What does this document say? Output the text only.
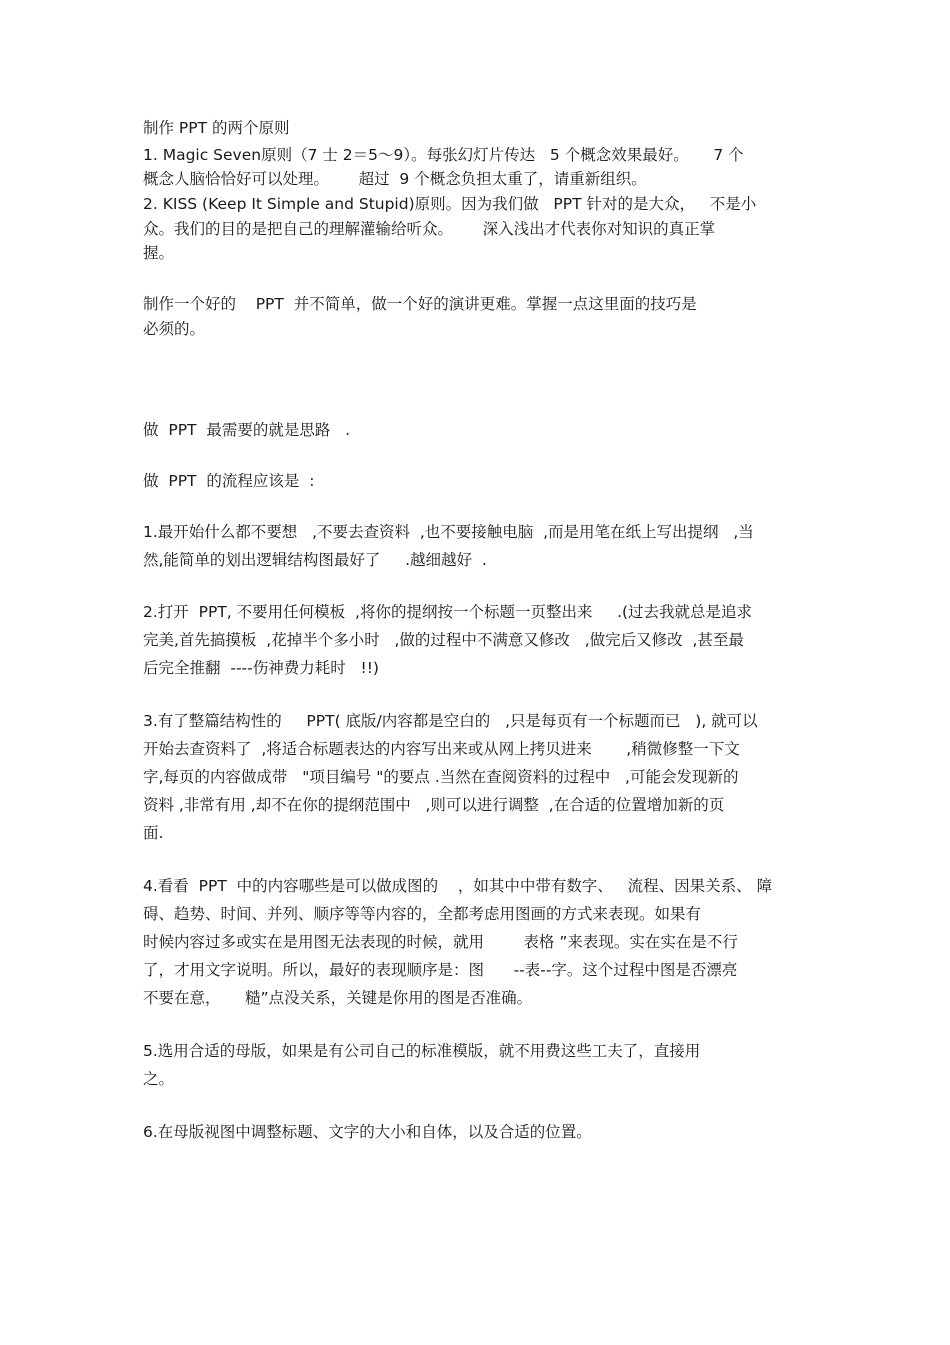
制作 PPT 的两个原则
1. Magic Seven原则（7 士 2＝5～9）。每张幻灯片传达   5 个概念效果最好。     7 个
概念人脑恰恰好可以处理。      超过  9 个概念负担太重了，请重新组织。
2. KISS (Keep It Simple and Stupid)原则。因为我们做   PPT 针对的是大众，   不是小
众。我们的目的是把自己的理解灌输给听众。      深入浅出才代表你对知识的真正掌
握。
制作一个好的    PPT  并不简单，做一个好的演讲更难。掌握一点这里面的技巧是
必须的。
做  PPT  最需要的就是思路   .
做  PPT  的流程应该是  :
1.最开始什么都不要想   ,不要去查资料  ,也不要接触电脑  ,而是用笔在纸上写出提纲   ,当
然,能简单的划出逻辑结构图最好了     .越细越好  .
2.打开  PPT, 不要用任何模板  ,将你的提纲按一个标题一页整出来     .(过去我就总是追求
完美,首先搞摸板  ,花掉半个多小时   ,做的过程中不满意又修改   ,做完后又修改  ,甚至最
后完全推翻  ----伤神费力耗时   !!)
3.有了整篇结构性的     PPT( 底版/内容都是空白的   ,只是每页有一个标题而已   ), 就可以
开始去查资料了  ,将适合标题表达的内容写出来或从网上拷贝进来       ,稍微修整一下文
字,每页的内容做成带   "项目编号 "的要点 .当然在查阅资料的过程中   ,可能会发现新的
资料 ,非常有用 ,却不在你的提纲范围中   ,则可以进行调整  ,在合适的位置增加新的页
面.
4.看看  PPT  中的内容哪些是可以做成图的    ，如其中中带有数字、   流程、因果关系、 障
碍、趋势、时间、并列、顺序等等内容的，全都考虑用图画的方式来表现。如果有
时候内容过多或实在是用图无法表现的时候，就用        表格 ”来表现。实在实在是不行
了，才用文字说明。所以，最好的表现顺序是：图      --表--字。这个过程中图是否漂亮
不要在意，     糙”点没关系，关键是你用的图是否准确。
5.选用合适的母版，如果是有公司自己的标准模版，就不用费这些工夫了，直接用
之。
6.在母版视图中调整标题、文字的大小和自体，以及合适的位置。
